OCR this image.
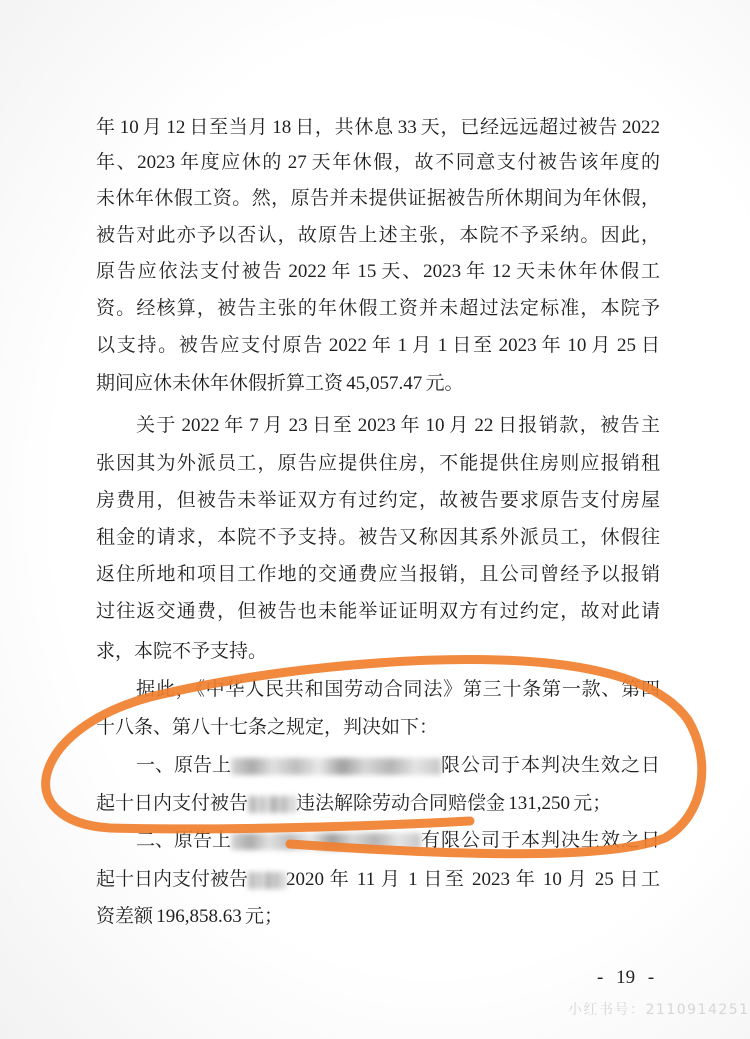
年 10 月 12 日至当月 18 日，共休息 33 天，已经远远超过被告 2022
年、2023 年度应休的 27 天年休假，故不同意支付被告该年度的
未休年休假工资。然，原告并未提供证据被告所休期间为年休假，
被告对此亦予以否认，故原告上述主张，本院不予采纳。因此，
原告应依法支付被告 2022 年 15 天、2023 年 12 天未休年休假工
资。经核算，被告主张的年休假工资并未超过法定标准，本院予
以支持。被告应支付原告 2022 年 1 月 1 日至 2023 年 10 月 25 日
期间应休未休年休假折算工资 45,057.47 元。
关于 2022 年 7 月 23 日至 2023 年 10 月 22 日报销款，被告主
张因其为外派员工，原告应提供住房，不能提供住房则应报销租
房费用，但被告未举证双方有过约定，故被告要求原告支付房屋
租金的请求，本院不予支持。被告又称因其系外派员工，休假往
返住所地和项目工作地的交通费应当报销，且公司曾经予以报销
过往返交通费，但被告也未能举证证明双方有过约定，故对此请
求，本院不予支持。
据此，《中华人民共和国劳动合同法》第三十条第一款、第四
十八条、第八十七条之规定，判决如下：
一、原告上	限公司于本判决生效之日
起十日内支付被告	违法解除劳动合同赔偿金 131,250 元；
二、原告上	有限公司于本判决生效之日
起十日内支付被告 2020 年 11 月 1 日至 2023 年 10 月 25 日工
资差额 196,858.63 元；
- 19 -
小红书号：2110914251
